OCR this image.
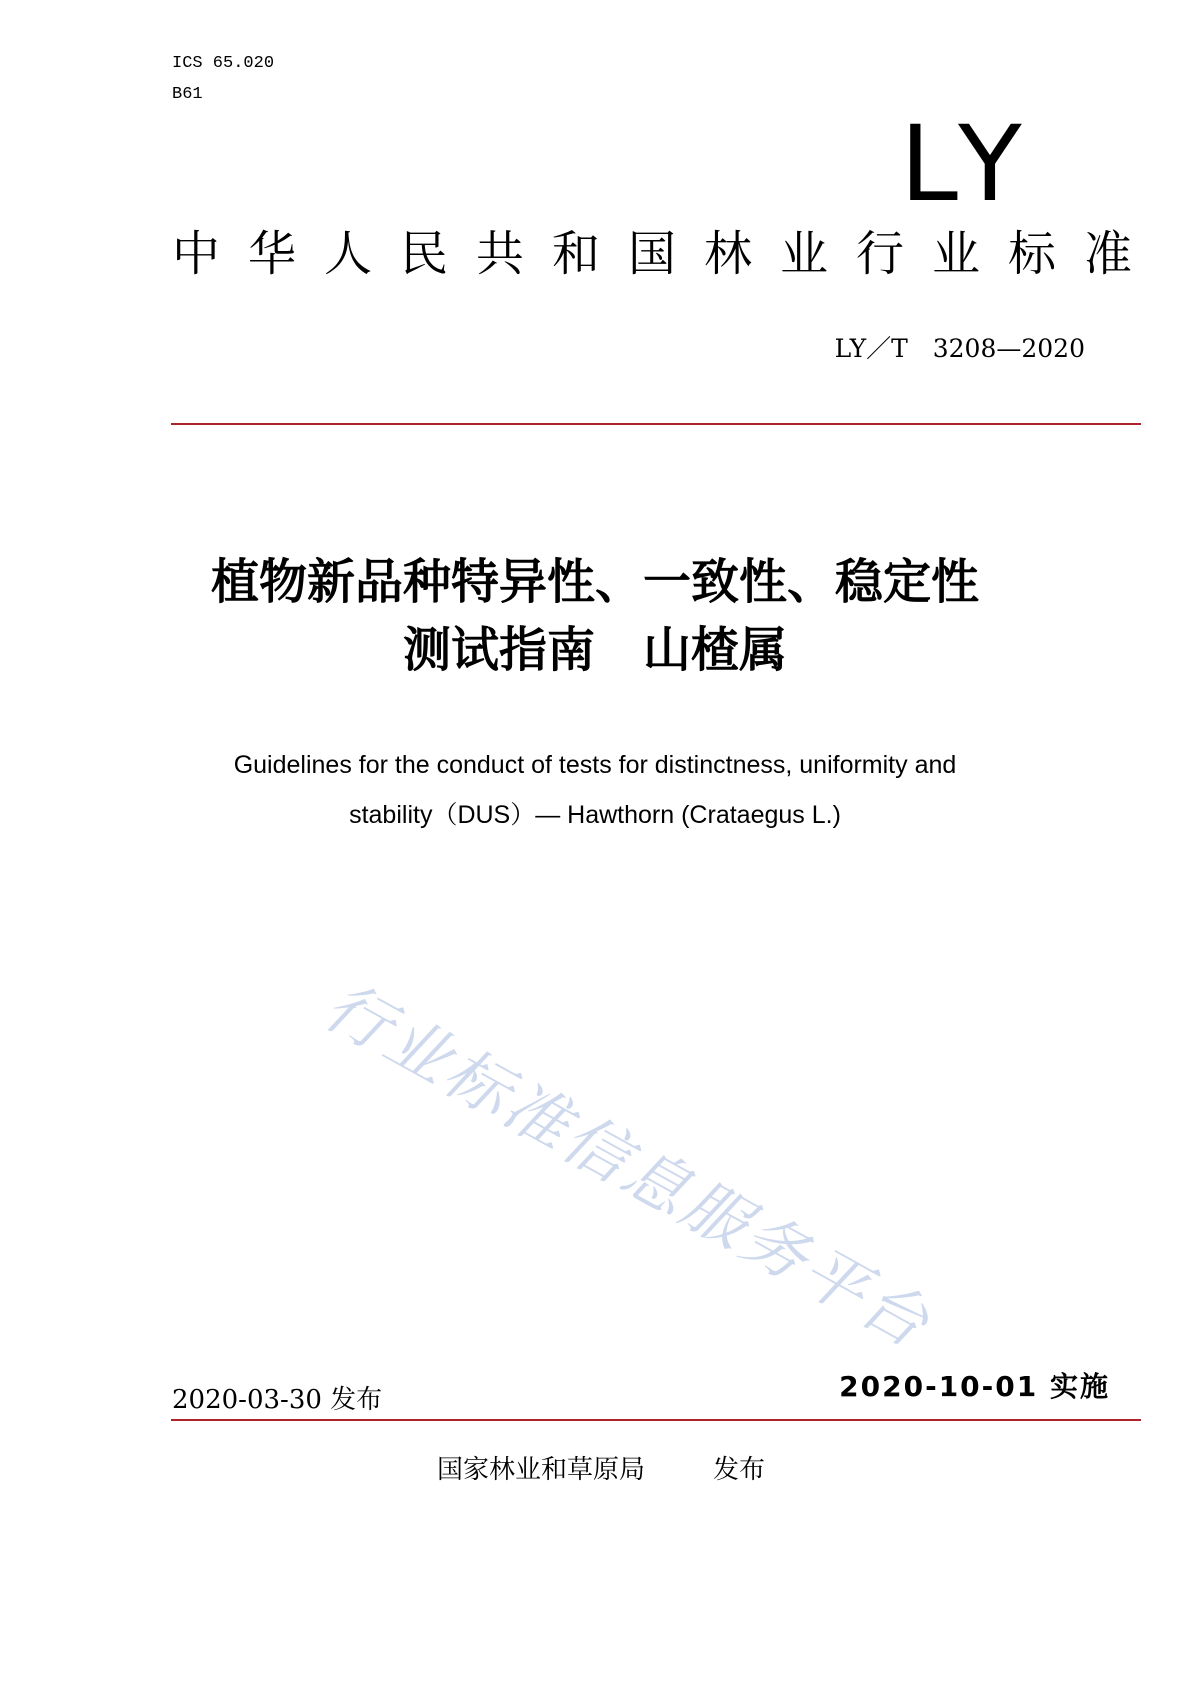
ICS 65.020
B61
LY
中华人民共和国林业行业标准
LY／T　3208—2020
植物新品种特异性、一致性、稳定性
测试指南　山楂属
Guidelines for the conduct of tests for distinctness, uniformity and
stability（DUS）— Hawthorn (Crataegus L.)
行业标准信息服务平台
2020-03-30 发布	2020-10-01 实施
国家林业和草原局	发布
